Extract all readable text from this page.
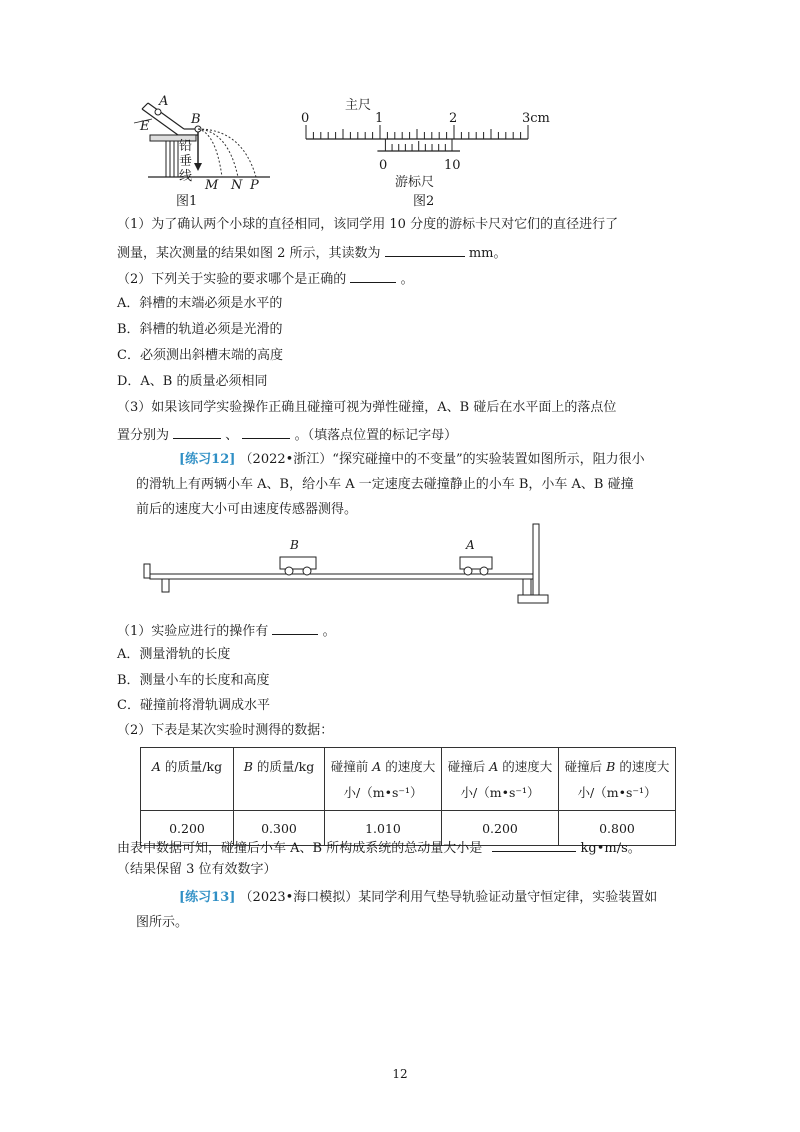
A
E	B
M N P
铅垂线
图1
主尺
0	1	2	3cm
0	10
游标尺
图2
（1）为了确认两个小球的直径相同，该同学用 10 分度的游标卡尺对它们的直径进行了
测量，某次测量的结果如图 2 所示，其读数为	mm。
（2）下列关于实验的要求哪个是正确的	。
A．斜槽的末端必须是水平的
B．斜槽的轨道必须是光滑的
C．必须测出斜槽末端的高度
D．A、B 的质量必须相同
（3）如果该同学实验操作正确且碰撞可视为弹性碰撞，A、B 碰后在水平面上的落点位
置分别为	、	。（填落点位置的标记字母）
[练习12] （2022•浙江）“探究碰撞中的不变量”的实验装置如图所示，阻力很小
的滑轨上有两辆小车 A、B，给小车 A 一定速度去碰撞静止的小车 B，小车 A、B 碰撞
前后的速度大小可由速度传感器测得。
B	A
（1）实验应进行的操作有	。
A．测量滑轨的长度
B．测量小车的长度和高度
C．碰撞前将滑轨调成水平
（2）下表是某次实验时测得的数据：
A 的质量/kg	B 的质量/kg	碰撞前 A 的速度大
小/（m•s⁻¹）	碰撞后 A 的速度大
小/（m•s⁻¹）	碰撞后 B 的速度大
小/（m•s⁻¹）
0.200	0.300	1.010	0.200	0.800
由表中数据可知，碰撞后小车 A、B 所构成系统的总动量大小是	kg•m/s。
（结果保留 3 位有效数字）
[练习13] （2023•海口模拟）某同学利用气垫导轨验证动量守恒定律，实验装置如
图所示。
12
